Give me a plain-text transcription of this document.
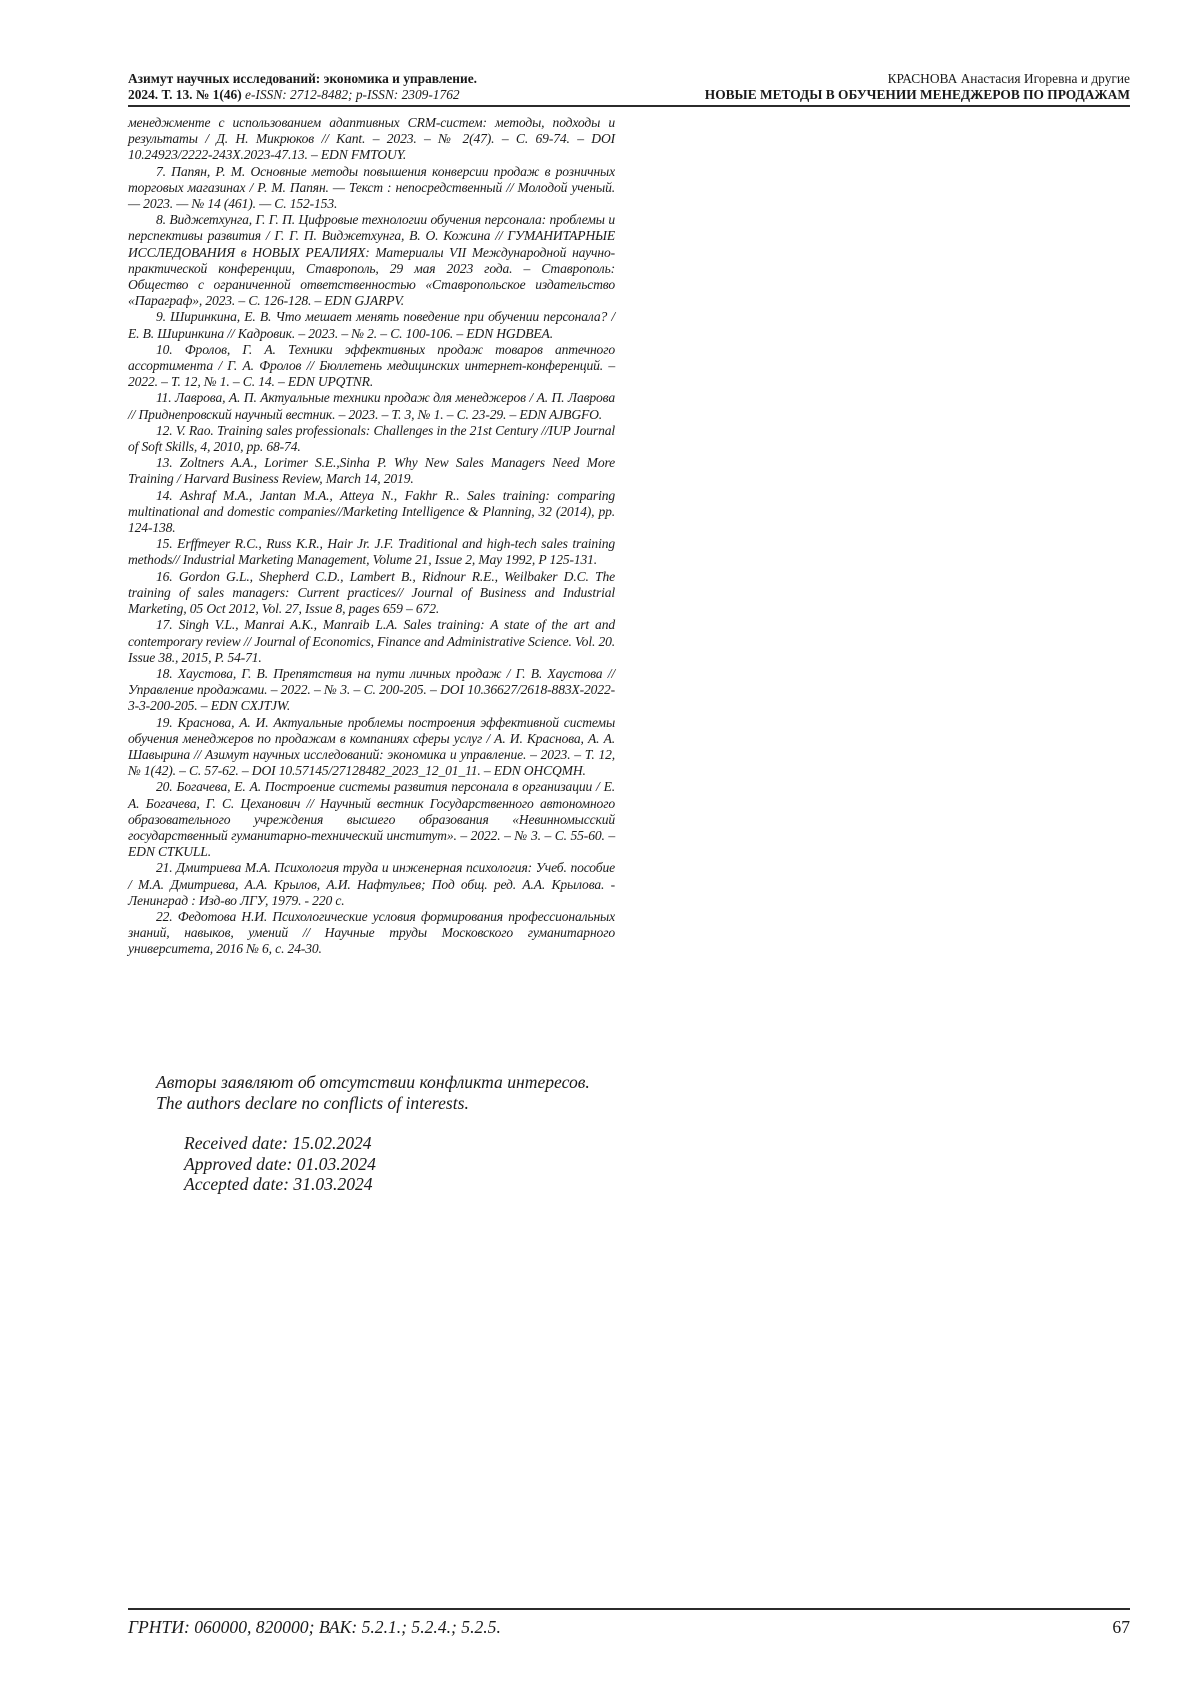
Азимут научных исследований: экономика и управление.
2024. Т. 13. № 1(46) e-ISSN: 2712-8482; p-ISSN: 2309-1762
КРАСНОВА Анастасия Игоревна и другие
НОВЫЕ МЕТОДЫ В ОБУЧЕНИИ МЕНЕДЖЕРОВ ПО ПРОДАЖАМ

менеджменте с использованием адаптивных CRM-систем: методы, подходы и результаты / Д. Н. Микрюков // Kant. – 2023. – № 2(47). – С. 69-74. – DOI 10.24923/2222-243X.2023-47.13. – EDN FMTOUY.

7. Папян, Р. М. Основные методы повышения конверсии продаж в розничных торговых магазинах / Р. М. Папян. — Текст : непосредственный // Молодой ученый. — 2023. — № 14 (461). — С. 152-153.

8. Виджетхунга, Г. Г. П. Цифровые технологии обучения персонала: проблемы и перспективы развития / Г. Г. П. Виджетхунга, В. О. Кожина // ГУМАНИТАРНЫЕ ИССЛЕДОВАНИЯ в НОВЫХ РЕАЛИЯХ: Материалы VII Международной научно-практической конференции, Ставрополь, 29 мая 2023 года. – Ставрополь: Общество с ограниченной ответственностью «Ставропольское издательство «Параграф», 2023. – С. 126-128. – EDN GJARPV.

9. Ширинкина, Е. В. Что мешает менять поведение при обучении персонала? / Е. В. Ширинкина // Кадровик. – 2023. – № 2. – С. 100-106. – EDN HGDBEA.

10. Фролов, Г. А. Техники эффективных продаж товаров аптечного ассортимента / Г. А. Фролов // Бюллетень медицинских интернет-конференций. – 2022. – Т. 12, № 1. – С. 14. – EDN UPQTNR.

11. Лаврова, А. П. Актуальные техники продаж для менеджеров / А. П. Лаврова // Приднепровский научный вестник. – 2023. – Т. 3, № 1. – С. 23-29. – EDN AJBGFO.

12. V. Rao. Training sales professionals: Challenges in the 21st Century //IUP Journal of Soft Skills, 4, 2010, pp. 68-74.

13. Zoltners A.A., Lorimer S.E.,Sinha P. Why New Sales Managers Need More Training / Harvard Business Review, March 14, 2019.

14. Ashraf M.A., Jantan M.A., Atteya N., Fakhr R.. Sales training: comparing multinational and domestic companies//Marketing Intelligence & Planning, 32 (2014), pp. 124-138.

15. Erffmeyer R.C., Russ K.R., Hair Jr. J.F. Traditional and high-tech sales training methods// Industrial Marketing Management, Volume 21, Issue 2, May 1992, P 125-131.

16. Gordon G.L., Shepherd C.D., Lambert B., Ridnour R.E., Weilbaker D.C. The training of sales managers: Current practices// Journal of Business and Industrial Marketing, 05 Oct 2012, Vol. 27, Issue 8, pages 659 – 672.

17. Singh V.L., Manrai A.K., Manraib L.A. Sales training: A state of the art and contemporary review // Journal of Economics, Finance and Administrative Science. Vol. 20. Issue 38., 2015, P. 54-71.

18. Хаустова, Г. В. Препятствия на пути личных продаж / Г. В. Хаустова // Управление продажами. – 2022. – № 3. – С. 200-205. – DOI 10.36627/2618-883X-2022-3-3-200-205. – EDN CXJTJW.

19. Краснова, А. И. Актуальные проблемы построения эффективной системы обучения менеджеров по продажам в компаниях сферы услуг / А. И. Краснова, А. А. Шавырина // Азимут научных исследований: экономика и управление. – 2023. – Т. 12, № 1(42). – С. 57-62. – DOI 10.57145/27128482_2023_12_01_11. – EDN OHCQMH.

20. Богачева, Е. А. Построение системы развития персонала в организации / Е. А. Богачева, Г. С. Цеханович // Научный вестник Государственного автономного образовательного учреждения высшего образования «Невинномысский государственный гуманитарно-технический институт». – 2022. – № 3. – С. 55-60. – EDN CTKULL.

21. Дмитриева М.А. Психология труда и инженерная психология: Учеб. пособие / М.А. Дмитриева, А.А. Крылов, А.И. Нафтульев; Под общ. ред. А.А. Крылова. - Ленинград : Изд-во ЛГУ, 1979. - 220 с.

22. Федотова Н.И. Психологические условия формирования профессиональных знаний, навыков, умений // Научные труды Московского гуманитарного университета, 2016 № 6, с. 24-30.

Авторы заявляют об отсутствии конфликта интересов.

The authors declare no conflicts of interests.

Received date: 15.02.2024

Approved date: 01.03.2024

Accepted date: 31.03.2024

ГРНТИ: 060000, 820000; ВАК: 5.2.1.; 5.2.4.; 5.2.5.	67
